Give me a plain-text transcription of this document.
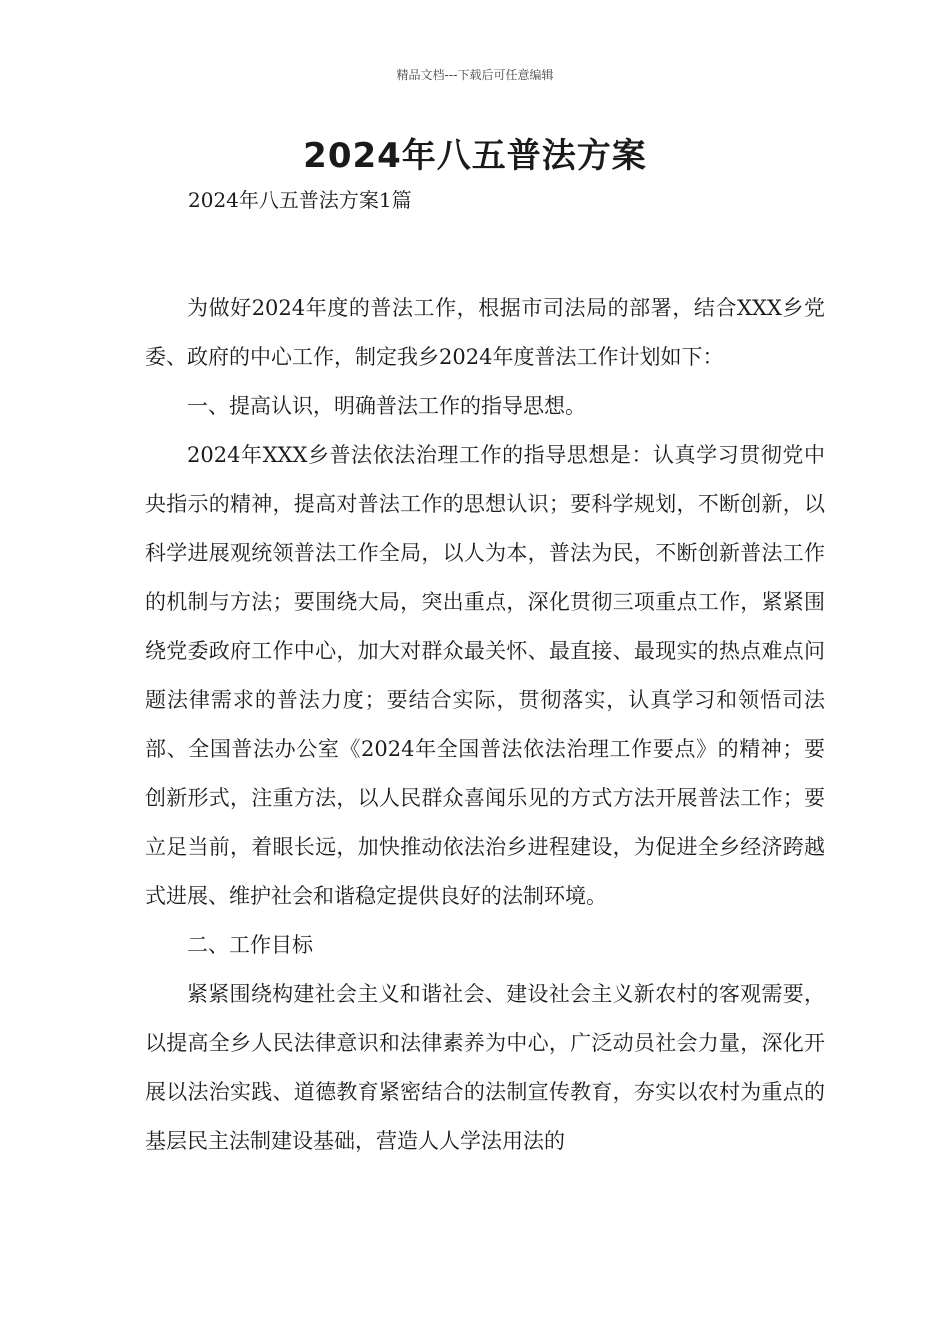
精品文档---下载后可任意编辑
2024年八五普法方案

2024年八五普法方案1篇

为做好2024年度的普法工作，根据市司法局的部署，结合XXX乡党委、政府的中心工作，制定我乡2024年度普法工作计划如下：

一、提高认识，明确普法工作的指导思想。

2024年XXX乡普法依法治理工作的指导思想是：认真学习贯彻党中央指示的精神，提高对普法工作的思想认识；要科学规划，不断创新，以科学进展观统领普法工作全局，以人为本，普法为民，不断创新普法工作的机制与方法；要围绕大局，突出重点，深化贯彻三项重点工作，紧紧围绕党委政府工作中心，加大对群众最关怀、最直接、最现实的热点难点问题法律需求的普法力度；要结合实际，贯彻落实，认真学习和领悟司法部、全国普法办公室《2024年全国普法依法治理工作要点》的精神；要创新形式，注重方法，以人民群众喜闻乐见的方式方法开展普法工作；要立足当前，着眼长远，加快推动依法治乡进程建设，为促进全乡经济跨越式进展、维护社会和谐稳定提供良好的法制环境。

二、工作目标

紧紧围绕构建社会主义和谐社会、建设社会主义新农村的客观需要，以提高全乡人民法律意识和法律素养为中心，广泛动员社会力量，深化开展以法治实践、道德教育紧密结合的法制宣传教育，夯实以农村为重点的基层民主法制建设基础，营造人人学法用法的
